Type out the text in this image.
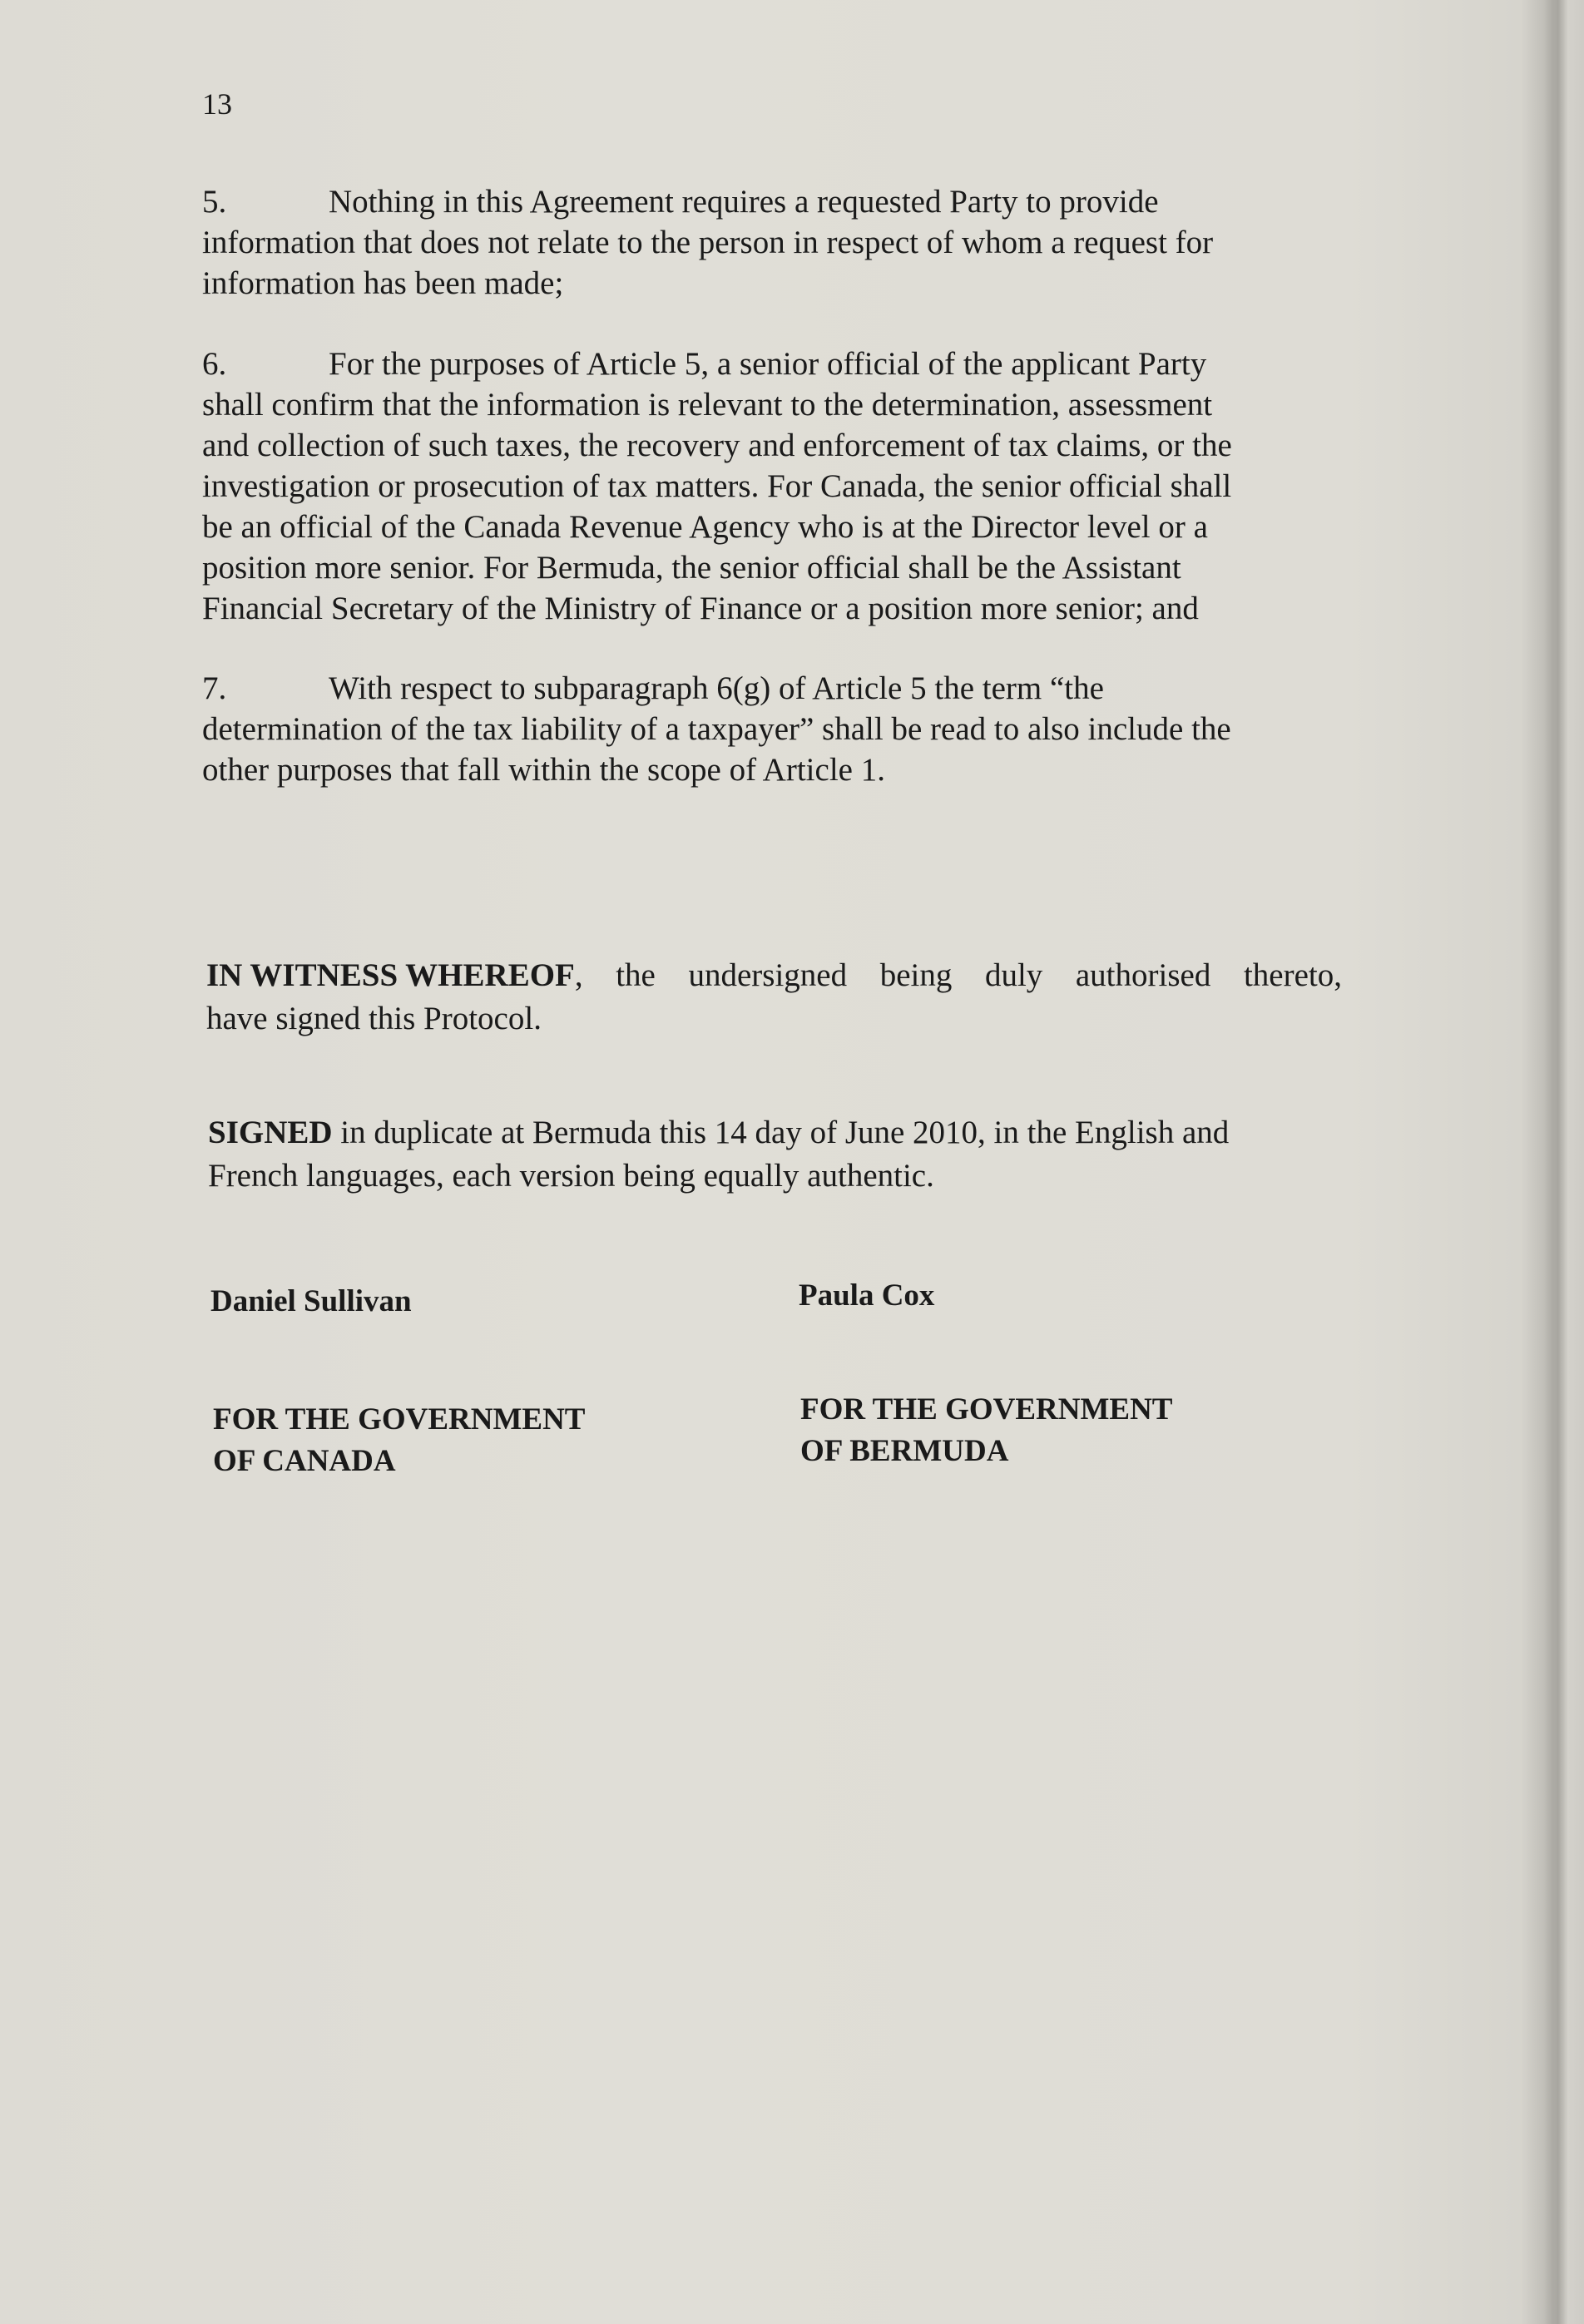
13
5.	Nothing in this Agreement requires a requested Party to provide
information that does not relate to the person in respect of whom a request for
information has been made;
6.	For the purposes of Article 5, a senior official of the applicant Party
shall confirm that the information is relevant to the determination, assessment
and collection of such taxes, the recovery and enforcement of tax claims, or the
investigation or prosecution of tax matters. For Canada, the senior official shall
be an official of the Canada Revenue Agency who is at the Director level or a
position more senior. For Bermuda, the senior official shall be the Assistant
Financial Secretary of the Ministry of Finance or a position more senior; and
7.	With respect to subparagraph 6(g) of Article 5 the term “the
determination of the tax liability of a taxpayer” shall be read to also include the
other purposes that fall within the scope of Article 1.
IN WITNESS WHEREOF, the undersigned being duly authorised thereto,
have signed this Protocol.
SIGNED in duplicate at Bermuda this 14 day of June 2010, in the English and
French languages, each version being equally authentic.
Daniel Sullivan	Paula Cox
FOR THE GOVERNMENT
OF CANADA
FOR THE GOVERNMENT
OF BERMUDA
